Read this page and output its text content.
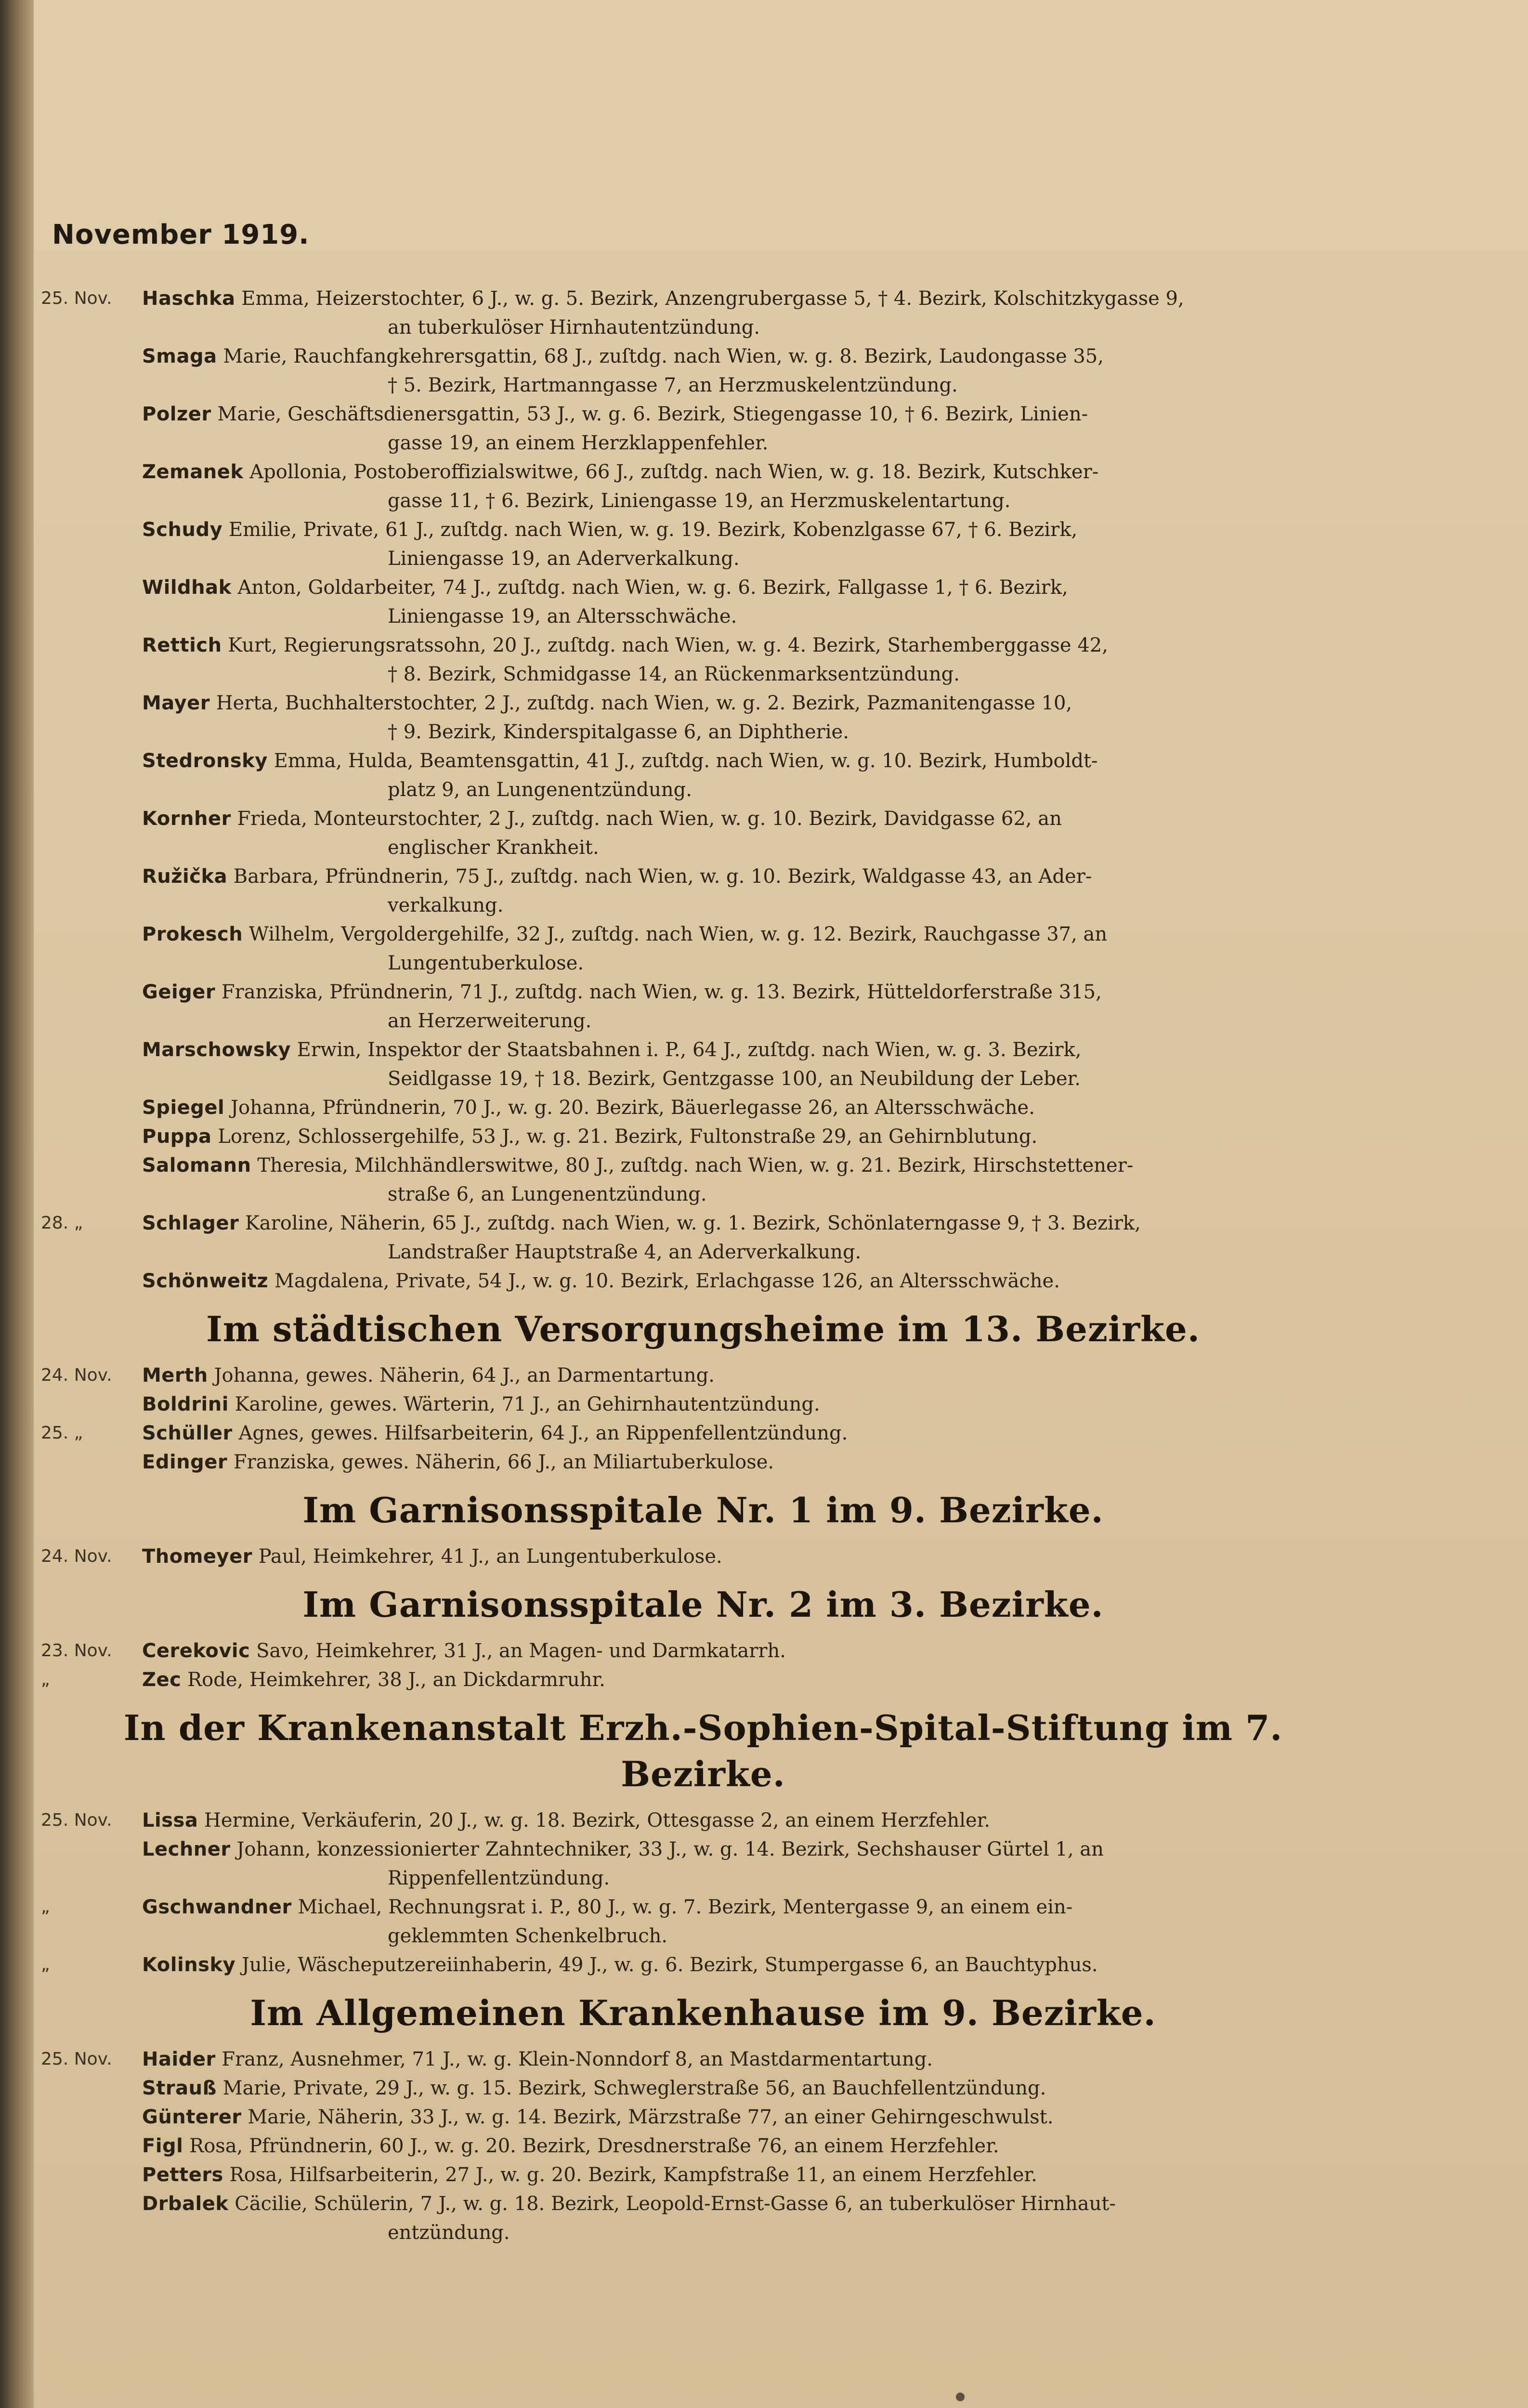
November 1919.
25. Nov.	Haschka Emma, Heizerstochter, 6 J., w. g. 5. Bezirk, Anzengrubergasse 5, † 4. Bezirk, Kolschitzkygasse 9,
an tuberkulöser Hirnhautentzündung.
Smaga Marie, Rauchfangkehrersgattin, 68 J., zuſtdg. nach Wien, w. g. 8. Bezirk, Laudongasse 35,
† 5. Bezirk, Hartmanngasse 7, an Herzmuskelentzündung.
Polzer Marie, Geschäftsdienersgattin, 53 J., w. g. 6. Bezirk, Stiegengasse 10, † 6. Bezirk, Linien-
gasse 19, an einem Herzklappenfehler.
Zemanek Apollonia, Postoberoffizialswitwe, 66 J., zuſtdg. nach Wien, w. g. 18. Bezirk, Kutschker-
gasse 11, † 6. Bezirk, Liniengasse 19, an Herzmuskelentartung.
Schudy Emilie, Private, 61 J., zuſtdg. nach Wien, w. g. 19. Bezirk, Kobenzlgasse 67, † 6. Bezirk,
Liniengasse 19, an Aderverkalkung.
Wildhak Anton, Goldarbeiter, 74 J., zuſtdg. nach Wien, w. g. 6. Bezirk, Fallgasse 1, † 6. Bezirk,
Liniengasse 19, an Altersschwäche.
Rettich Kurt, Regierungsratssohn, 20 J., zuſtdg. nach Wien, w. g. 4. Bezirk, Starhemberggasse 42,
† 8. Bezirk, Schmidgasse 14, an Rückenmarksentzündung.
Mayer Herta, Buchhalterstochter, 2 J., zuſtdg. nach Wien, w. g. 2. Bezirk, Pazmanitengasse 10,
† 9. Bezirk, Kinderspitalgasse 6, an Diphtherie.
Stedronsky Emma, Hulda, Beamtensgattin, 41 J., zuſtdg. nach Wien, w. g. 10. Bezirk, Humboldt-
platz 9, an Lungenentzündung.
Kornher Frieda, Monteurstochter, 2 J., zuſtdg. nach Wien, w. g. 10. Bezirk, Davidgasse 62, an
englischer Krankheit.
Ružička Barbara, Pfründnerin, 75 J., zuſtdg. nach Wien, w. g. 10. Bezirk, Waldgasse 43, an Ader-
verkalkung.
Prokesch Wilhelm, Vergoldergehilfe, 32 J., zuſtdg. nach Wien, w. g. 12. Bezirk, Rauchgasse 37, an
Lungentuberkulose.
Geiger Franziska, Pfründnerin, 71 J., zuſtdg. nach Wien, w. g. 13. Bezirk, Hütteldorferstraße 315,
an Herzerweiterung.
Marschowsky Erwin, Inspektor der Staatsbahnen i. P., 64 J., zuſtdg. nach Wien, w. g. 3. Bezirk,
Seidlgasse 19, † 18. Bezirk, Gentzgasse 100, an Neubildung der Leber.
Spiegel Johanna, Pfründnerin, 70 J., w. g. 20. Bezirk, Bäuerlegasse 26, an Altersschwäche.
Puppa Lorenz, Schlossergehilfe, 53 J., w. g. 21. Bezirk, Fultonstraße 29, an Gehirnblutung.
Salomann Theresia, Milchhändlerswitwe, 80 J., zuſtdg. nach Wien, w. g. 21. Bezirk, Hirschstettener-
straße 6, an Lungenentzündung.
28. „	Schlager Karoline, Näherin, 65 J., zuſtdg. nach Wien, w. g. 1. Bezirk, Schönlaterngasse 9, † 3. Bezirk,
Landstraßer Hauptstraße 4, an Aderverkalkung.
Schönweitz Magdalena, Private, 54 J., w. g. 10. Bezirk, Erlachgasse 126, an Altersschwäche.
Im städtischen Versorgungsheime im 13. Bezirke.
24. Nov.	Merth Johanna, gewes. Näherin, 64 J., an Darmentartung.
Boldrini Karoline, gewes. Wärterin, 71 J., an Gehirnhautentzündung.
25. „	Schüller Agnes, gewes. Hilfsarbeiterin, 64 J., an Rippenfellentzündung.
Edinger Franziska, gewes. Näherin, 66 J., an Miliartuberkulose.
Im Garnisonsspitale Nr. 1 im 9. Bezirke.
24. Nov.	Thomeyer Paul, Heimkehrer, 41 J., an Lungentuberkulose.
Im Garnisonsspitale Nr. 2 im 3. Bezirke.
23. Nov.	Cerekovic Savo, Heimkehrer, 31 J., an Magen- und Darmkatarrh.
„	Zec Rode, Heimkehrer, 38 J., an Dickdarmruhr.
In der Krankenanstalt Erzh.-Sophien-Spital-Stiftung im 7. Bezirke.
25. Nov.	Lissa Hermine, Verkäuferin, 20 J., w. g. 18. Bezirk, Ottesgasse 2, an einem Herzfehler.
Lechner Johann, konzessionierter Zahntechniker, 33 J., w. g. 14. Bezirk, Sechshauser Gürtel 1, an
Rippenfellentzündung.
„	Gschwandner Michael, Rechnungsrat i. P., 80 J., w. g. 7. Bezirk, Mentergasse 9, an einem ein-
geklemmten Schenkelbruch.
„	Kolinsky Julie, Wäscheputzereiinhaberin, 49 J., w. g. 6. Bezirk, Stumpergasse 6, an Bauchtyphus.
Im Allgemeinen Krankenhause im 9. Bezirke.
25. Nov.	Haider Franz, Ausnehmer, 71 J., w. g. Klein-Nonndorf 8, an Mastdarmentartung.
Strauß Marie, Private, 29 J., w. g. 15. Bezirk, Schweglerstraße 56, an Bauchfellentzündung.
Günterer Marie, Näherin, 33 J., w. g. 14. Bezirk, Märzstraße 77, an einer Gehirngeschwulst.
Figl Rosa, Pfründnerin, 60 J., w. g. 20. Bezirk, Dresdnerstraße 76, an einem Herzfehler.
Petters Rosa, Hilfsarbeiterin, 27 J., w. g. 20. Bezirk, Kampfstraße 11, an einem Herzfehler.
Drbalek Cäcilie, Schülerin, 7 J., w. g. 18. Bezirk, Leopold-Ernst-Gasse 6, an tuberkulöser Hirnhaut-
entzündung.
